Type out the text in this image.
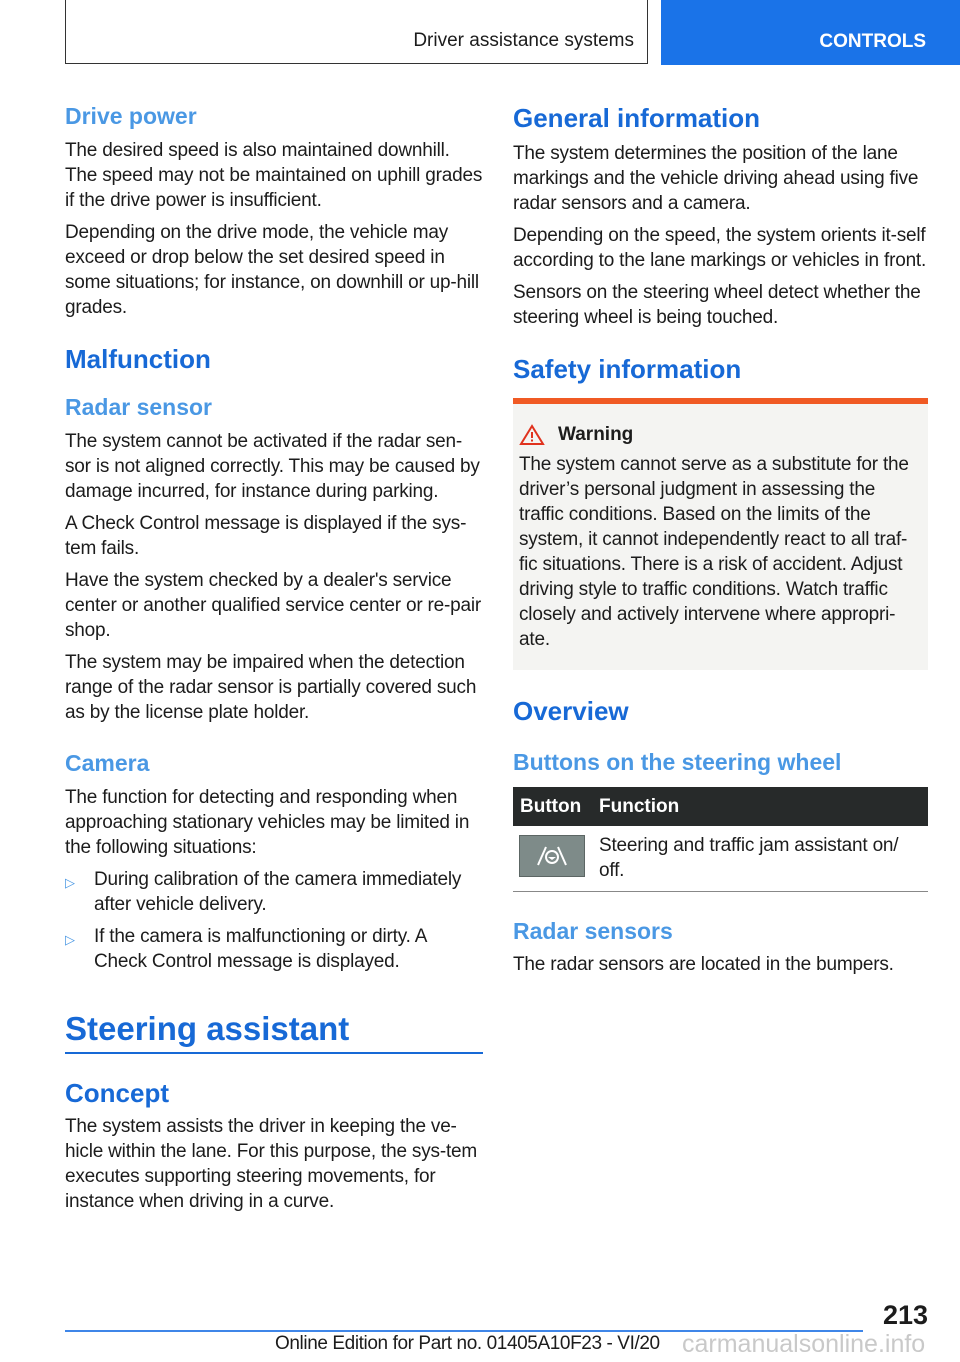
Driver assistance systems	CONTROLS
Drive power

The desired speed is also maintained downhill. The speed may not be maintained on uphill grades if the drive power is insufficient.

Depending on the drive mode, the vehicle may exceed or drop below the set desired speed in some situations; for instance, on downhill or up-hill grades.

Malfunction
Radar sensor

The system cannot be activated if the radar sen-sor is not aligned correctly. This may be caused by damage incurred, for instance during parking.

A Check Control message is displayed if the sys-tem fails.

Have the system checked by a dealer's service center or another qualified service center or re-pair shop.

The system may be impaired when the detection range of the radar sensor is partially covered such as by the license plate holder.

Camera

The function for detecting and responding when approaching stationary vehicles may be limited in the following situations:

▷	During calibration of the camera immediately after vehicle delivery.
▷	If the camera is malfunctioning or dirty. A Check Control message is displayed.
Steering assistant
Concept

The system assists the driver in keeping the ve-hicle within the lane. For this purpose, the sys-tem executes supporting steering movements, for instance when driving in a curve.

General information

The system determines the position of the lane markings and the vehicle driving ahead using five radar sensors and a camera.

Depending on the speed, the system orients it-self according to the lane markings or vehicles in front.

Sensors on the steering wheel detect whether the steering wheel is being touched.

Safety information
Warning

The system cannot serve as a substitute for the driver’s personal judgment in assessing the traffic conditions. Based on the limits of the system, it cannot independently react to all traf-fic situations. There is a risk of accident. Adjust driving style to traffic conditions. Watch traffic closely and actively intervene where appropri-ate.

Overview
Buttons on the steering wheel
Button Function

Steering and traffic jam assistant on/ off.

Radar sensors

The radar sensors are located in the bumpers.

213
Online Edition for Part no. 01405A10F23 - VI/20 carmanualsonline.info
